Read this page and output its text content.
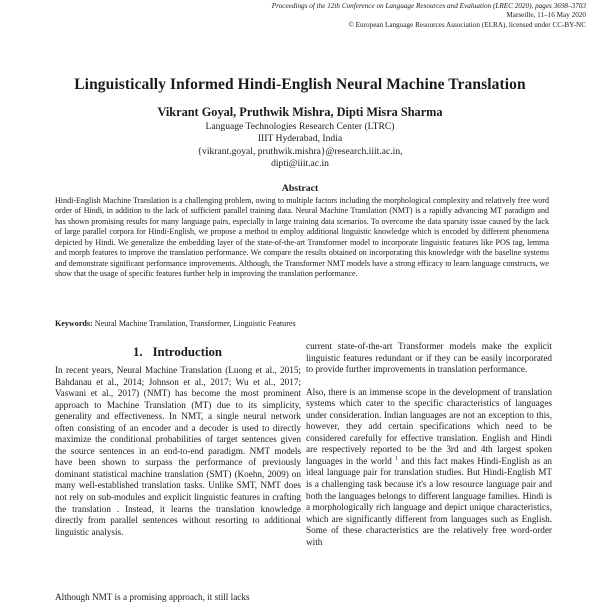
Proceedings of the 12th Conference on Language Resources and Evaluation (LREC 2020), pages 3698–3703
Marseille, 11–16 May 2020
© European Language Resources Association (ELRA), licensed under CC-BY-NC
Linguistically Informed Hindi-English Neural Machine Translation
Vikrant Goyal, Pruthwik Mishra, Dipti Misra Sharma
Language Technologies Research Center (LTRC)
IIIT Hyderabad, India
{vikrant.goyal, pruthwik.mishra}@research.iiit.ac.in,
dipti@iiit.ac.in
Abstract
Hindi-English Machine Translation is a challenging problem, owing to multiple factors including the morphological complexity and relatively free word order of Hindi, in addition to the lack of sufficient parallel training data. Neural Machine Translation (NMT) is a rapidly advancing MT paradigm and has shown promising results for many language pairs, especially in large training data scenarios. To overcome the data sparsity issue caused by the lack of large parallel corpora for Hindi-English, we propose a method to employ additional linguistic knowledge which is encoded by different phenomena depicted by Hindi. We generalize the embedding layer of the state-of-the-art Transformer model to incorporate linguistic features like POS tag, lemma and morph features to improve the translation performance. We compare the results obtained on incorporating this knowledge with the baseline systems and demonstrate significant performance improvements. Although, the Transformer NMT models have a strong efficacy to learn language constructs, we show that the usage of specific features further help in improving the translation performance.
Keywords: Neural Machine Translation, Transformer, Linguistic Features
1. Introduction

In recent years, Neural Machine Translation (Luong et al., 2015; Bahdanau et al., 2014; Johnson et al., 2017; Wu et al., 2017; Vaswani et al., 2017) (NMT) has become the most prominent approach to Machine Translation (MT) due to its simplicity, generality and effectiveness. In NMT, a single neural network often consisting of an encoder and a decoder is used to directly maximize the conditional probabilities of target sentences given the source sentences in an end-to-end paradigm. NMT models have been shown to surpass the performance of previously dominant statistical machine translation (SMT) (Koehn, 2009) on many well-established translation tasks. Unlike SMT, NMT does not rely on sub-modules and explicit linguistic features in crafting the translation . Instead, it learns the translation knowledge directly from parallel sentences without resorting to additional linguistic analysis.

Although NMT is a promising approach, it still lacks

current state-of-the-art Transformer models make the explicit linguistic features redundant or if they can be easily incorporated to provide further improvements in translation performance.

Also, there is an immense scope in the development of translation systems which cater to the specific characteristics of languages under consideration. Indian languages are not an exception to this, however, they add certain specifications which need to be considered carefully for effective translation. English and Hindi are respectively reported to be the 3rd and 4th largest spoken languages in the world $^1$ and this fact makes Hindi-English as an ideal language pair for translation studies. But Hindi-English MT is a challenging task because it's a low resource language pair and both the languages belongs to different language families. Hindi is a morphologically rich language and depict unique characteristics, which are significantly different from languages such as English. Some of these characteristics are the relatively free word-order with
